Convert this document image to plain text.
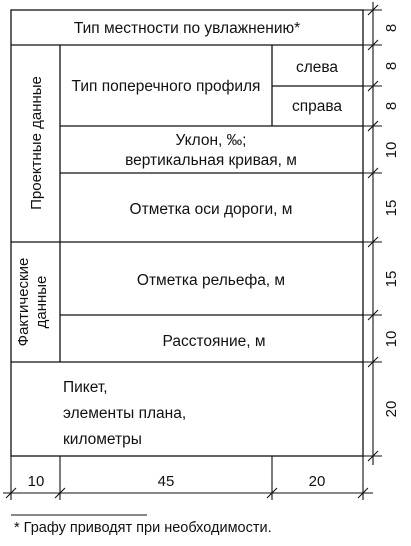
Тип местности по увлажнению*
Тип поперечного профиля
слева
справа
Уклон, ‰;
вертикальная кривая, м
Отметка оси дороги, м
Отметка рельефа, м
Расстояние, м
Пикет,
элементы плана,
километры
Проектные данные
Фактические данные
8
8
8
10
15
15
10
20
10	45	20
* Графу приводят при необходимости.
